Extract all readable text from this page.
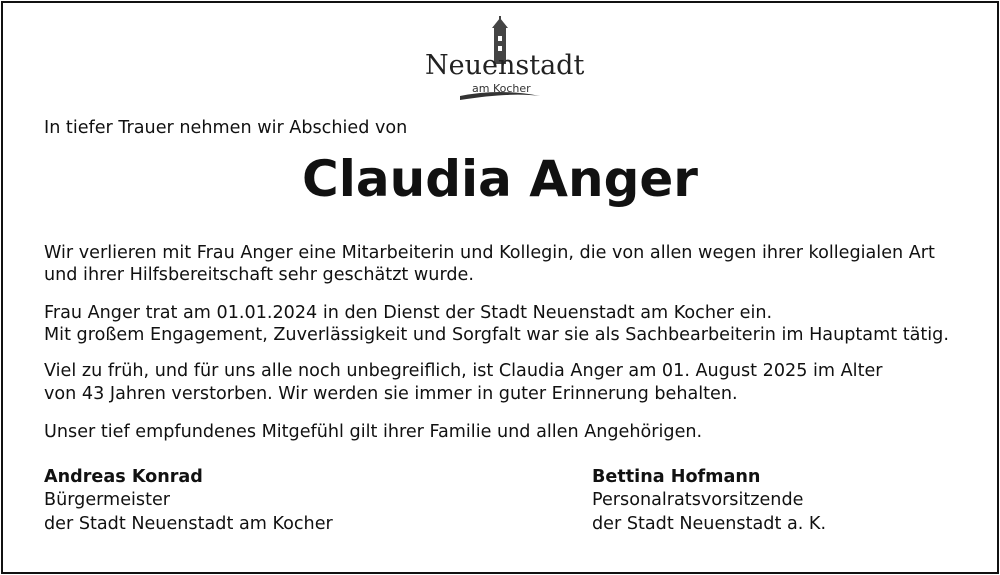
Neuenstadt
am Kocher
In tiefer Trauer nehmen wir Abschied von
Claudia Anger
Wir verlieren mit Frau Anger eine Mitarbeiterin und Kollegin, die von allen wegen ihrer kollegialen Art
und ihrer Hilfsbereitschaft sehr geschätzt wurde.
Frau Anger trat am 01.01.2024 in den Dienst der Stadt Neuenstadt am Kocher ein.
Mit großem Engagement, Zuverlässigkeit und Sorgfalt war sie als Sachbearbeiterin im Hauptamt tätig.
Viel zu früh, und für uns alle noch unbegreiflich, ist Claudia Anger am 01. August 2025 im Alter
von 43 Jahren verstorben. Wir werden sie immer in guter Erinnerung behalten.
Unser tief empfundenes Mitgefühl gilt ihrer Familie und allen Angehörigen.
Andreas Konrad
Bürgermeister
der Stadt Neuenstadt am Kocher
Bettina Hofmann
Personalratsvorsitzende
der Stadt Neuenstadt a. K.
